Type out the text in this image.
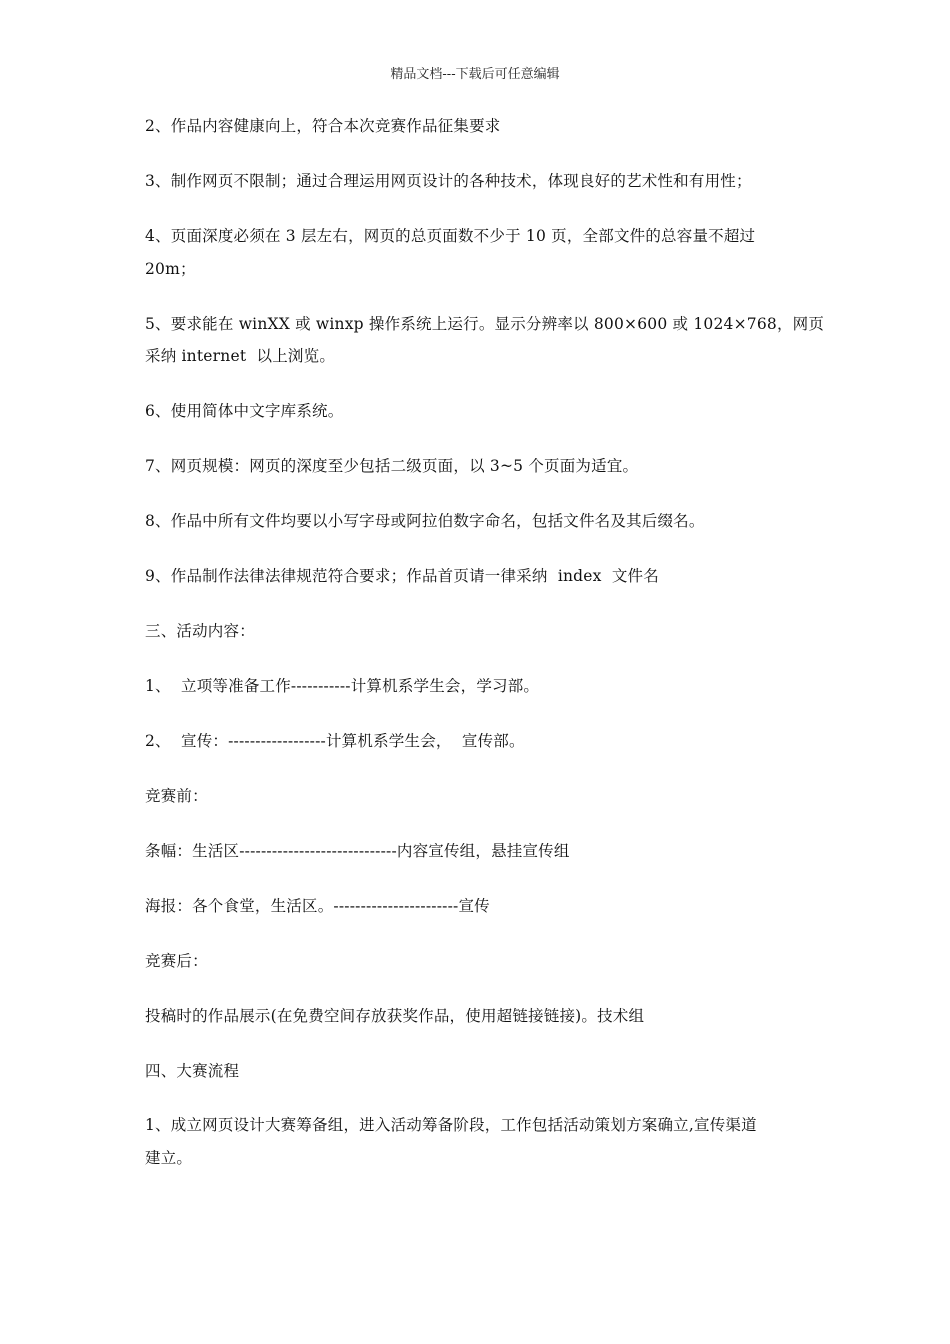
精品文档---下载后可任意编辑
2、作品内容健康向上，符合本次竞赛作品征集要求
3、制作网页不限制；通过合理运用网页设计的各种技术，体现良好的艺术性和有用性；
4、页面深度必须在 3 层左右，网页的总页面数不少于 10 页，全部文件的总容量不超过
20m；
5、要求能在 winXX 或 winxp 操作系统上运行。显示分辨率以 800×600 或 1024×768，网页
采纳 internet  以上浏览。
6、使用简体中文字库系统。
7、网页规模：网页的深度至少包括二级页面，以 3~5 个页面为适宜。
8、作品中所有文件均要以小写字母或阿拉伯数字命名，包括文件名及其后缀名。
9、作品制作法律法律规范符合要求；作品首页请一律采纳  index  文件名
三、活动内容：
1、  立项等准备工作-----------计算机系学生会，学习部。
2、  宣传：------------------计算机系学生会，  宣传部。
竞赛前：
条幅：生活区-----------------------------内容宣传组，悬挂宣传组
海报：各个食堂，生活区。-----------------------宣传
竞赛后：
投稿时的作品展示(在免费空间存放获奖作品，使用超链接链接)。技术组
四、大赛流程
1、成立网页设计大赛筹备组，进入活动筹备阶段，工作包括活动策划方案确立,宣传渠道
建立。
